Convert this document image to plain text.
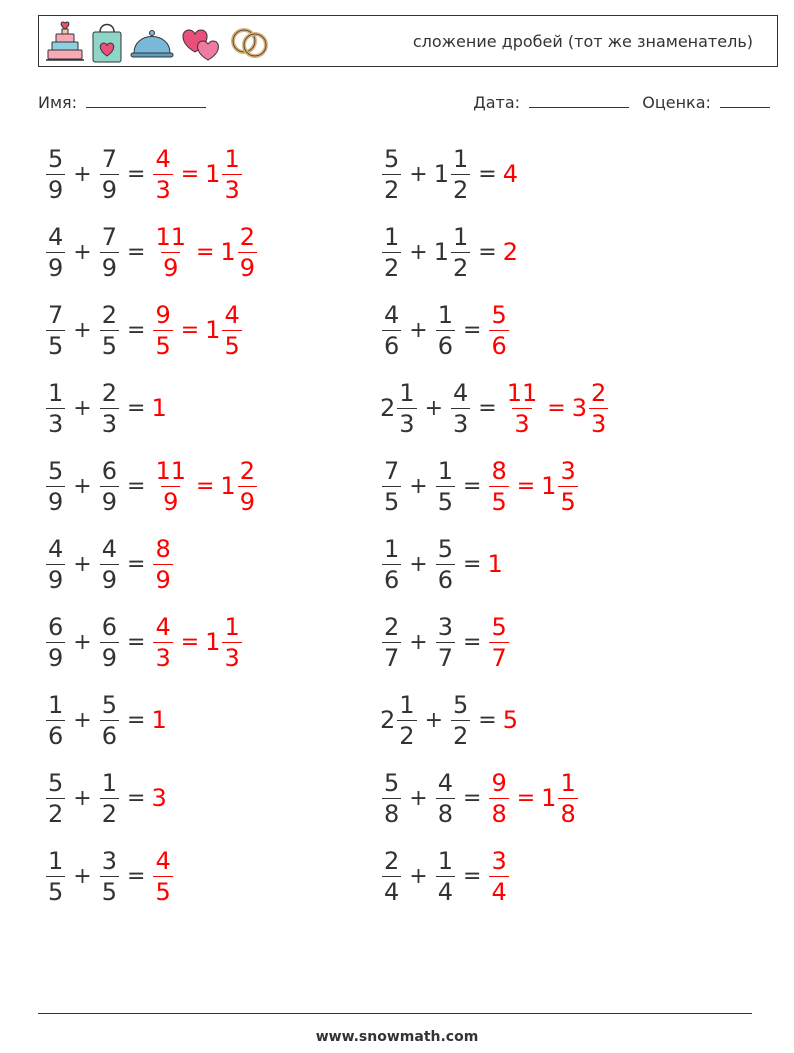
сложение дробей (тот же знаменатель)
Имя:	Дата:	Оценка:
$\frac{5}{9} + \frac{7}{9} = \frac{4}{3} = 1 \frac{1}{3}$	$\frac{5}{2} + 1 \frac{1}{2} = 4$
$\frac{4}{9} + \frac{7}{9} = \frac{11}{9} = 1 \frac{2}{9}$	$\frac{1}{2} + 1 \frac{1}{2} = 2$
$\frac{7}{5} + \frac{2}{5} = \frac{9}{5} = 1 \frac{4}{5}$	$\frac{4}{6} + \frac{1}{6} = \frac{5}{6}$
$\frac{1}{3} + \frac{2}{3} = 1$	$2 \frac{1}{3} + \frac{4}{3} = \frac{11}{3} = 3 \frac{2}{3}$
$\frac{5}{9} + \frac{6}{9} = \frac{11}{9} = 1 \frac{2}{9}$	$\frac{7}{5} + \frac{1}{5} = \frac{8}{5} = 1 \frac{3}{5}$
$\frac{4}{9} + \frac{4}{9} = \frac{8}{9}$	$\frac{1}{6} + \frac{5}{6} = 1$
$\frac{6}{9} + \frac{6}{9} = \frac{4}{3} = 1 \frac{1}{3}$	$\frac{2}{7} + \frac{3}{7} = \frac{5}{7}$
$\frac{1}{6} + \frac{5}{6} = 1$	$2 \frac{1}{2} + \frac{5}{2} = 5$
$\frac{5}{2} + \frac{1}{2} = 3$	$\frac{5}{8} + \frac{4}{8} = \frac{9}{8} = 1 \frac{1}{8}$
$\frac{1}{5} + \frac{3}{5} = \frac{4}{5}$	$\frac{2}{4} + \frac{1}{4} = \frac{3}{4}$
www.snowmath.com
